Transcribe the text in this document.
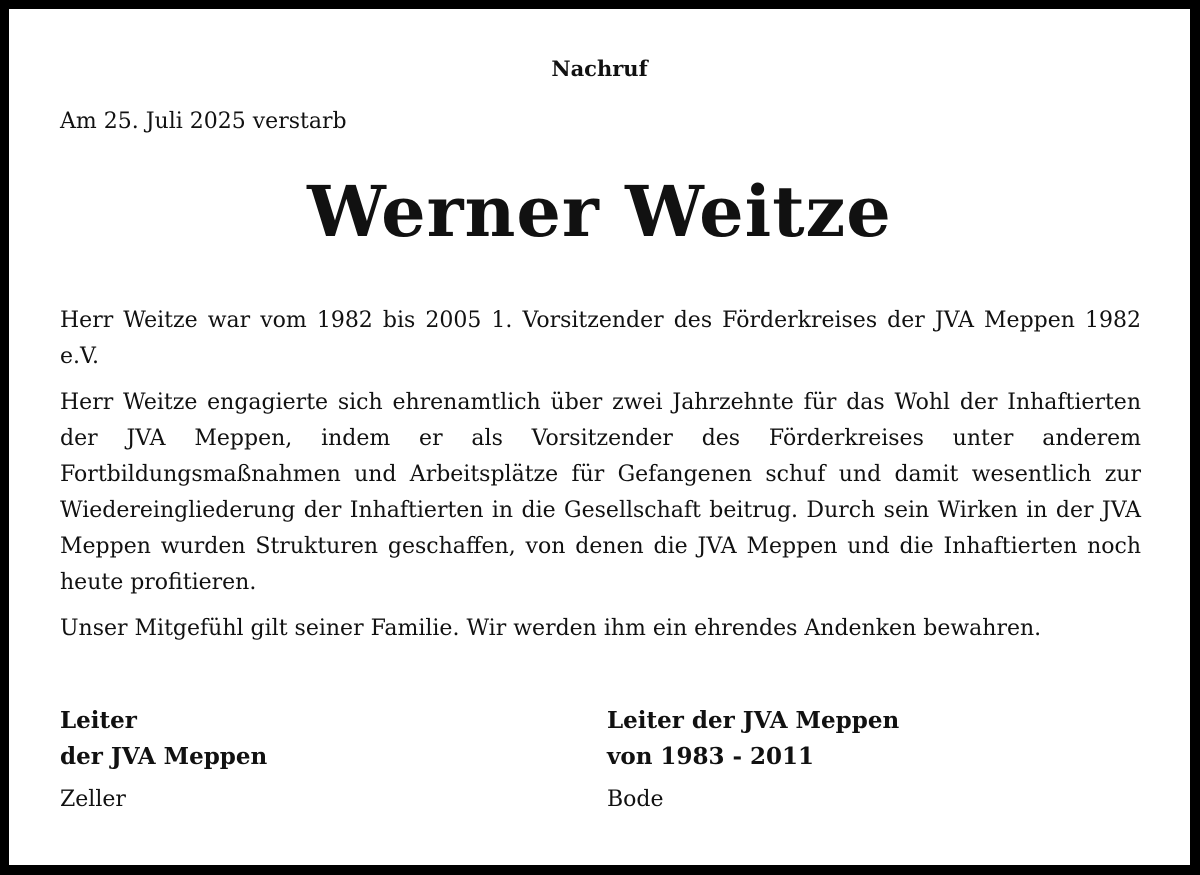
Nachruf
Am 25. Juli 2025 verstarb
Werner Weitze

Herr Weitze war vom 1982 bis 2005 1. Vorsitzender des Förderkreises der JVA Meppen 1982 e.V.

Herr Weitze engagierte sich ehrenamtlich über zwei Jahrzehnte für das Wohl der Inhaftierten der JVA Meppen, indem er als Vorsitzender des Förderkreises unter anderem Fortbildungsmaßnahmen und Arbeitsplätze für Gefangenen schuf und damit wesentlich zur Wiedereingliederung der Inhaftierten in die Gesellschaft beitrug. Durch sein Wirken in der JVA Meppen wurden Strukturen geschaffen, von denen die JVA Meppen und die Inhaftierten noch heute profitieren.

Unser Mitgefühl gilt seiner Familie. Wir werden ihm ein ehrendes Andenken bewahren.

Leiter
der JVA Meppen
Zeller
Leiter der JVA Meppen
von 1983 - 2011
Bode
